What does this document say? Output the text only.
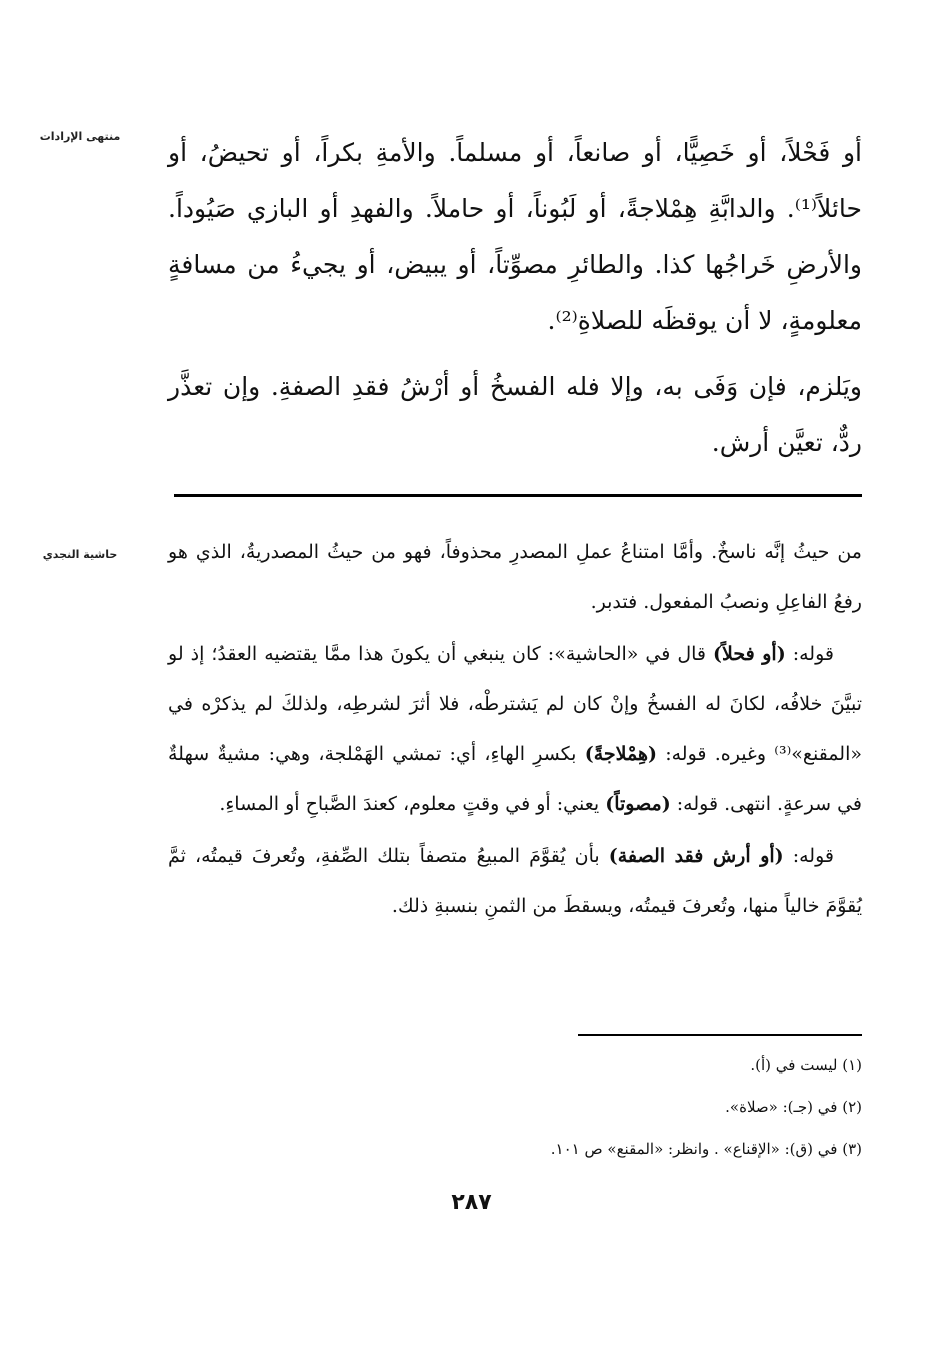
منتهى الإرادات

أو فَحْلاً، أو خَصِيًّا، أو صانعاً، أو مسلماً. والأمةِ بكراً، أو تحيضُ، أو حائلاً⁽¹⁾. والدابَّةِ هِمْلاجةً، أو لَبُوناً، أو حاملاً. والفهدِ أو البازي صَيُوداً. والأرضِ خَراجُها كذا. والطائرِ مصوِّتاً، أو يبيض، أو يجيءُ من مسافةٍ معلومةٍ، لا أن يوقظَه للصلاةِ⁽²⁾.

ويَلزم، فإن وَفَى به، وإلا فله الفسخُ أو أرْشُ فقدِ الصفةِ. وإن تعذَّر ردٌّ، تعيَّن أرش.

حاشية النجدي	من حيثُ إنَّه ناسخٌ. وأمَّا امتناعُ عملِ المصدرِ محذوفاً، فهو من حيثُ المصدريةُ، الذي هو رفعُ الفاعِلِ ونصبُ المفعول. فتدبر.

قوله: (أو فحلاً) قال في «الحاشية»: كان ينبغي أن يكونَ هذا ممَّا يقتضيه العقدُ؛ إذ لو تبيَّنَ خلافُه، لكانَ له الفسخُ وإنْ كان لم يَشترطْه، فلا أثرَ لشرطِه، ولذلكَ لم يذكرْه في «المقنع»⁽³⁾ وغيره. قوله: (هِمْلاجةً) بكسرِ الهاءِ، أي: تمشي الهَمْلجة، وهي: مشيةٌ سهلةٌ في سرعةٍ. انتهى. قوله: (مصوتاً) يعني: أو في وقتٍ معلوم، كعندَ الصَّباحِ أو المساءِ.

قوله: (أو أرش فقد الصفة) بأن يُقوَّمَ المبيعُ متصفاً بتلك الصِّفةِ، وتُعرفَ قيمتُه، ثمَّ يُقوَّمَ خالياً منها، وتُعرفَ قيمتُه، ويسقطَ من الثمنِ بنسبةِ ذلك.

(١) ليست في (أ).

(٢) في (جـ): «صلاة».

(٣) في (ق): «الإقناع» . وانظر: «المقنع» ص ١٠١.

٢٨٧
